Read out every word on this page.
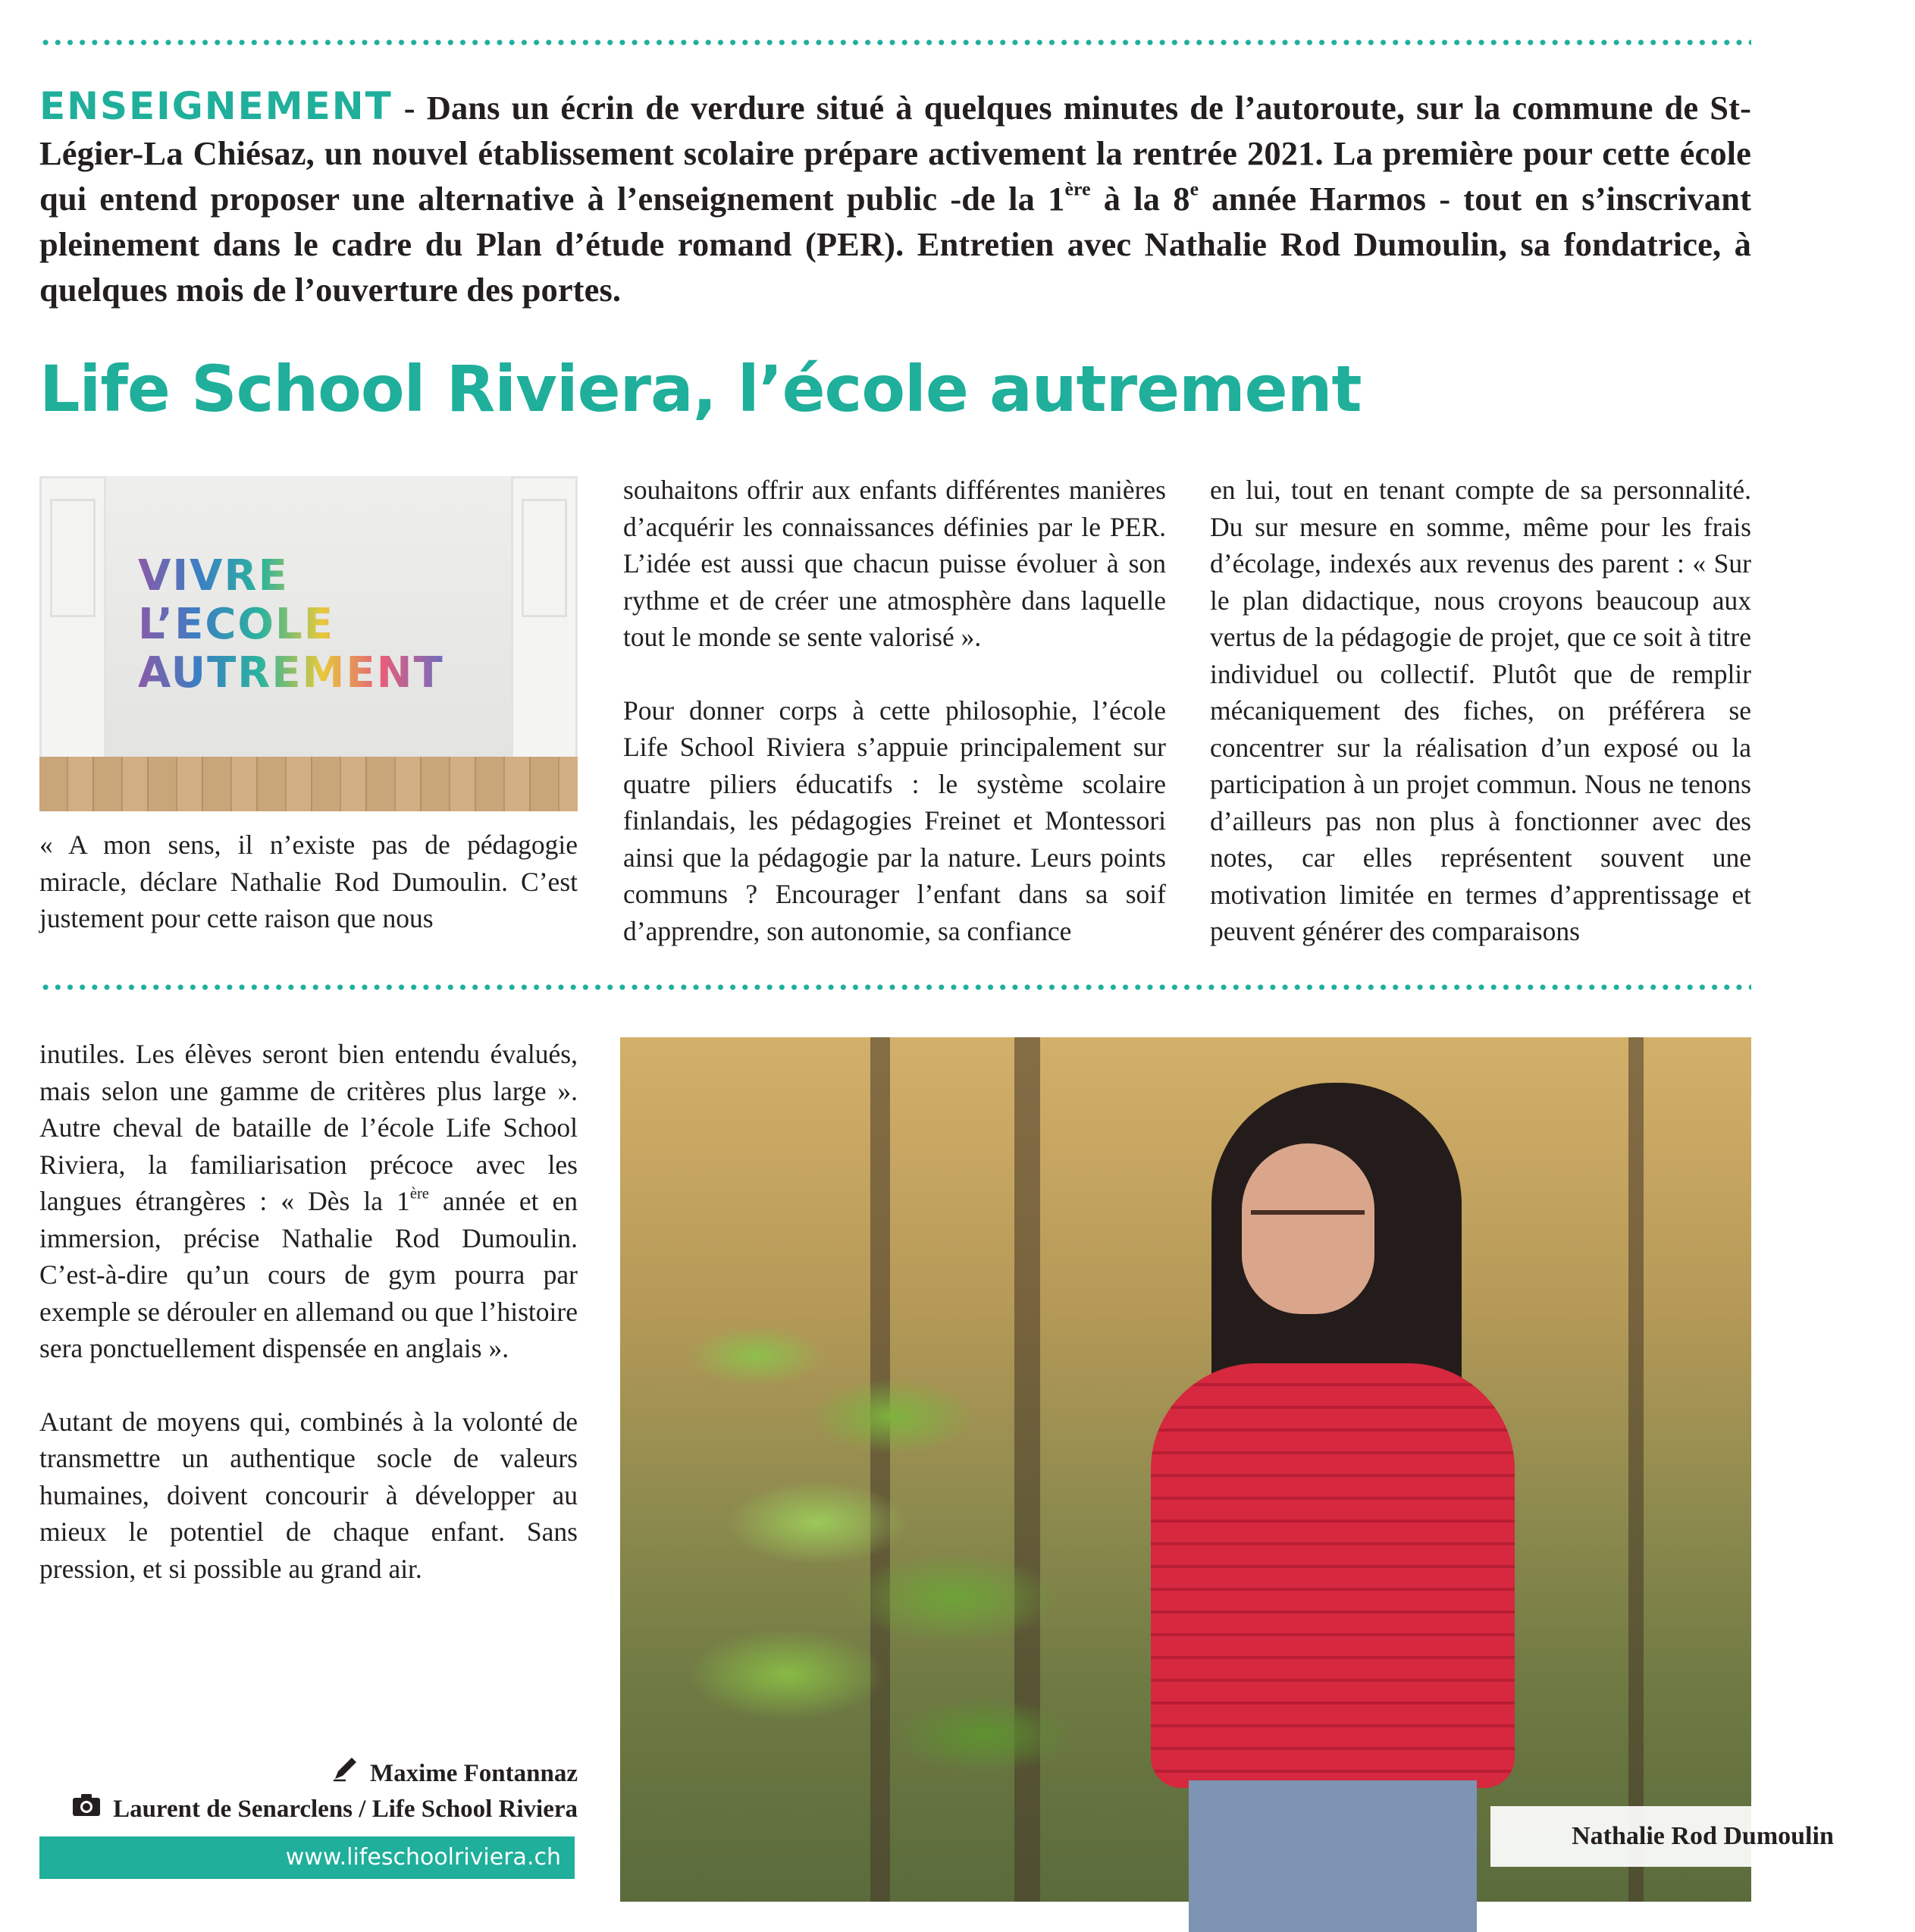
ENSEIGNEMENT - Dans un écrin de verdure situé à quelques minutes de l’autoroute, sur la commune de St-Légier-La Chiésaz, un nouvel établissement scolaire prépare activement la rentrée 2021. La première pour cette école qui entend proposer une alternative à l’enseignement public -de la 1ère à la 8e année Harmos - tout en s’inscrivant pleinement dans le cadre du Plan d’étude romand (PER). Entretien avec Nathalie Rod Dumoulin, sa fondatrice, à quelques mois de l’ouverture des portes.
Life School Riviera, l’école autrement
VIVRE
L’ECOLE
AUTREMENT

« A mon sens, il n’existe pas de pédagogie miracle, déclare Nathalie Rod Dumoulin. C’est justement pour cette raison que nous

souhaitons offrir aux enfants différentes manières d’acquérir les connaissances définies par le PER. L’idée est aussi que chacun puisse évoluer à son rythme et de créer une atmosphère dans laquelle tout le monde se sente valorisé ».

Pour donner corps à cette philosophie, l’école Life School Riviera s’appuie principalement sur quatre piliers éducatifs : le système scolaire finlandais, les pédagogies Freinet et Montessori ainsi que la pédagogie par la nature. Leurs points communs ? Encourager l’enfant dans sa soif d’apprendre, son autonomie, sa confiance

en lui, tout en tenant compte de sa personnalité. Du sur mesure en somme, même pour les frais d’écolage, indexés aux revenus des parent : « Sur le plan didactique, nous croyons beaucoup aux vertus de la pédagogie de projet, que ce soit à titre individuel ou collectif. Plutôt que de remplir mécaniquement des fiches, on préférera se concentrer sur la réalisation d’un exposé ou la participation à un projet commun. Nous ne tenons d’ailleurs pas non plus à fonctionner avec des notes, car elles représentent souvent une motivation limitée en termes d’apprentissage et peuvent générer des comparaisons

inutiles. Les élèves seront bien entendu évalués, mais selon une gamme de critères plus large ». Autre cheval de bataille de l’école Life School Riviera, la familiarisation précoce avec les langues étrangères : « Dès la 1ère année et en immersion, précise Nathalie Rod Dumoulin. C’est-à-dire qu’un cours de gym pourra par exemple se dérouler en allemand ou que l’histoire sera ponctuellement dispensée en anglais ».

Autant de moyens qui, combinés à la volonté de transmettre un authentique socle de valeurs humaines, doivent concourir à développer au mieux le potentiel de chaque enfant. Sans pression, et si possible au grand air.

Maxime Fontannaz
Laurent de Senarclens / Life School Riviera
www.lifeschoolriviera.ch
Nathalie Rod Dumoulin
